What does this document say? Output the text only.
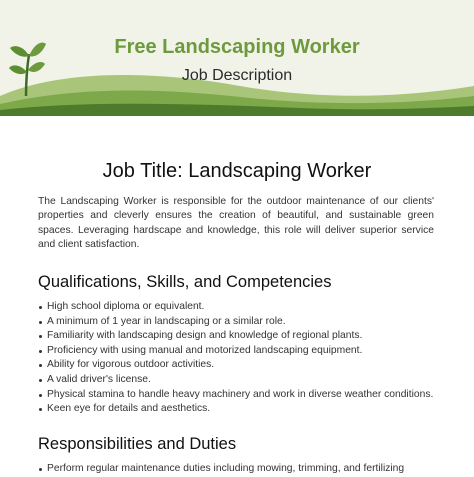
Free Landscaping Worker
Job Description
Job Title: Landscaping Worker
The Landscaping Worker is responsible for the outdoor maintenance of our clients' properties and cleverly ensures the creation of beautiful, and sustainable green spaces. Leveraging hardscape and knowledge, this role will deliver superior service and client satisfaction.
Qualifications, Skills, and Competencies
High school diploma or equivalent.
A minimum of 1 year in landscaping or a similar role.
Familiarity with landscaping design and knowledge of regional plants.
Proficiency with using manual and motorized landscaping equipment.
Ability for vigorous outdoor activities.
A valid driver's license.
Physical stamina to handle heavy machinery and work in diverse weather conditions.
Keen eye for details and aesthetics.
Responsibilities and Duties
Perform regular maintenance duties including mowing, trimming, and fertilizing
